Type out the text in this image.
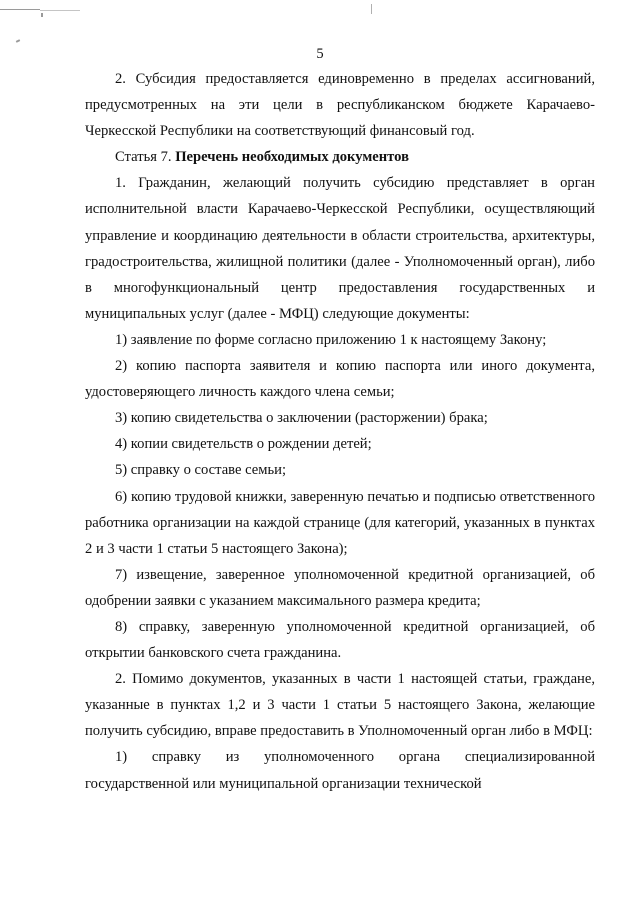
5

2. Субсидия предоставляется единовременно в пределах ассигнований, предусмотренных на эти цели в республиканском бюджете Карачаево-Черкесской Республики на соответствующий финансовый год.

Статья 7. Перечень необходимых документов

1. Гражданин, желающий получить субсидию представляет в орган исполнительной власти Карачаево-Черкесской Республики, осуществляющий управление и координацию деятельности в области строительства, архитектуры, градостроительства, жилищной политики (далее - Уполномоченный орган), либо в многофункциональный центр предоставления государственных и муниципальных услуг (далее - МФЦ) следующие документы:

1) заявление по форме согласно приложению 1 к настоящему Закону;

2) копию паспорта заявителя и копию паспорта или иного документа, удостоверяющего личность каждого члена семьи;

3) копию свидетельства о заключении (расторжении) брака;

4) копии свидетельств о рождении детей;

5) справку о составе семьи;

6) копию трудовой книжки, заверенную печатью и подписью ответственного работника организации на каждой странице (для категорий, указанных в пунктах 2 и 3 части 1 статьи 5 настоящего Закона);

7) извещение, заверенное уполномоченной кредитной организацией, об одобрении заявки с указанием максимального размера кредита;

8) справку, заверенную уполномоченной кредитной организацией, об открытии банковского счета гражданина.

2. Помимо документов, указанных в части 1 настоящей статьи, граждане, указанные в пунктах 1,2 и 3 части 1 статьи 5 настоящего Закона, желающие получить субсидию, вправе предоставить в Уполномоченный орган либо в МФЦ:

1) справку из уполномоченного органа специализированной государственной или муниципальной организации технической
